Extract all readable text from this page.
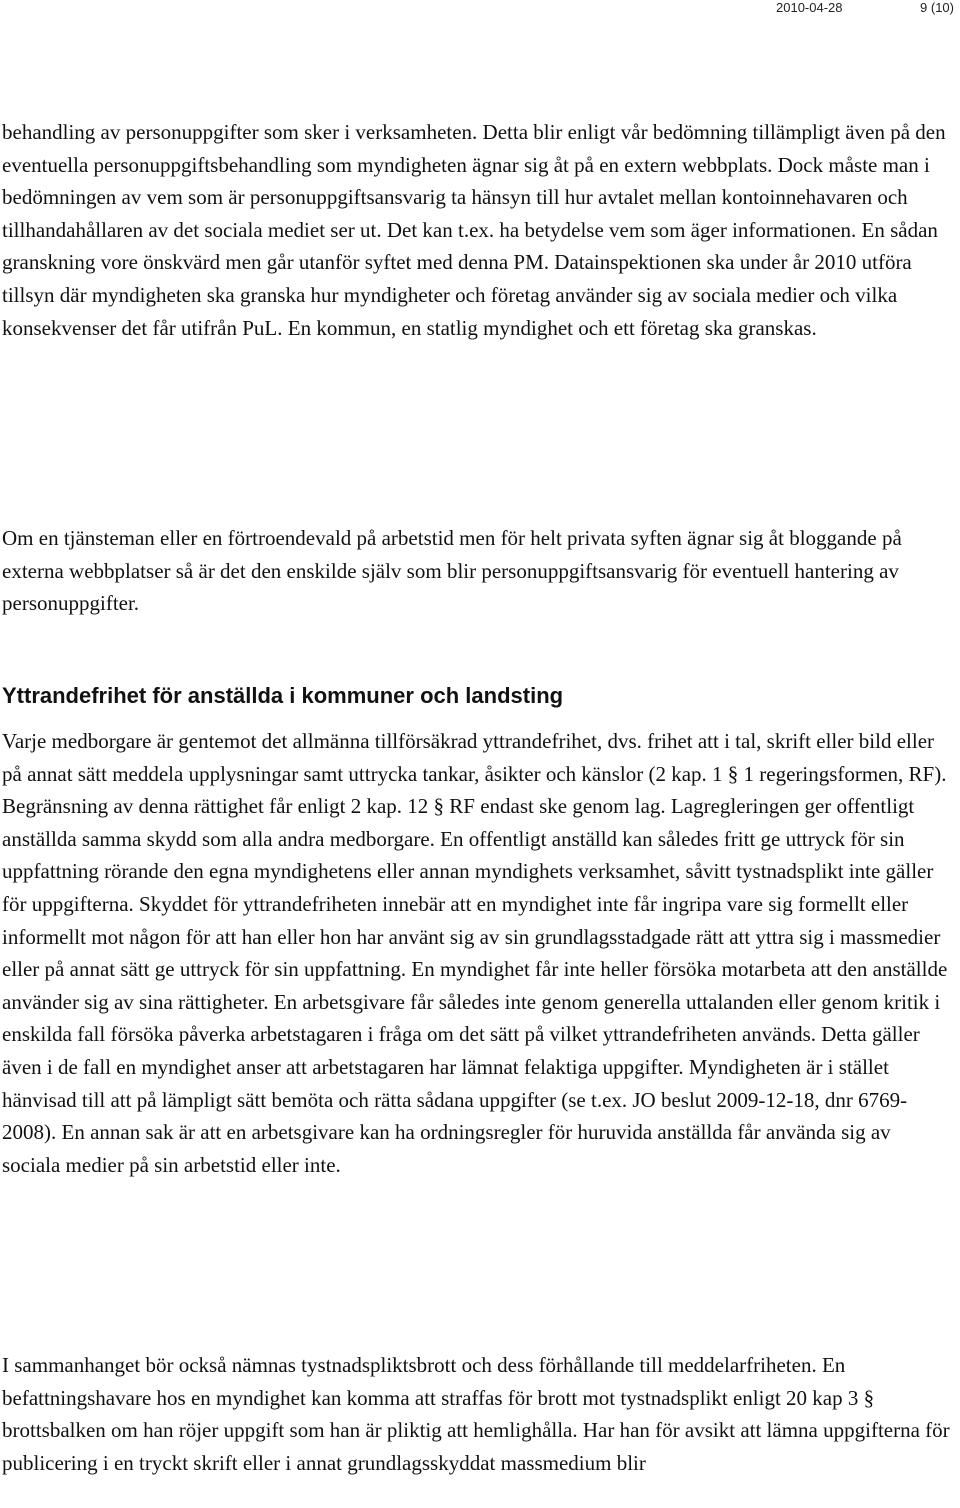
2010-04-28	9 (10)

behandling av personuppgifter som sker i verksamheten. Detta blir enligt vår bedömning tillämpligt även på den eventuella personuppgiftsbehandling som myndigheten ägnar sig åt på en extern webbplats. Dock måste man i bedömningen av vem som är personuppgiftsansvarig ta hänsyn till hur avtalet mellan kontoinnehavaren och tillhandahållaren av det sociala mediet ser ut. Det kan t.ex. ha betydelse vem som äger informationen. En sådan granskning vore önskvärd men går utanför syftet med denna PM. Datainspektionen ska under år 2010 utföra tillsyn där myndigheten ska granska hur myndigheter och företag använder sig av sociala medier och vilka konsekvenser det får utifrån PuL. En kommun, en statlig myndighet och ett företag ska granskas.

Om en tjänsteman eller en förtroendevald på arbetstid men för helt privata syften ägnar sig åt bloggande på externa webbplatser så är det den enskilde själv som blir personuppgiftsansvarig för eventuell hantering av personuppgifter.

Yttrandefrihet för anställda i kommuner och landsting

Varje medborgare är gentemot det allmänna tillförsäkrad yttrandefrihet, dvs. frihet att i tal, skrift eller bild eller på annat sätt meddela upplysningar samt uttrycka tankar, åsikter och känslor (2 kap. 1 § 1 regeringsformen, RF). Begränsning av denna rättighet får enligt 2 kap. 12 § RF endast ske genom lag. Lagregleringen ger offentligt anställda samma skydd som alla andra medborgare. En offentligt anställd kan således fritt ge uttryck för sin uppfattning rörande den egna myndighetens eller annan myndighets verksamhet, såvitt tystnadsplikt inte gäller för uppgifterna. Skyddet för yttrandefriheten innebär att en myndighet inte får ingripa vare sig formellt eller informellt mot någon för att han eller hon har använt sig av sin grundlagsstadgade rätt att yttra sig i massmedier eller på annat sätt ge uttryck för sin uppfattning. En myndighet får inte heller försöka motarbeta att den anställde använder sig av sina rättigheter. En arbetsgivare får således inte genom generella uttalanden eller genom kritik i enskilda fall försöka påverka arbetstagaren i fråga om det sätt på vilket yttrandefriheten används. Detta gäller även i de fall en myndighet anser att arbetstagaren har lämnat felaktiga uppgifter. Myndigheten är i stället hänvisad till att på lämpligt sätt bemöta och rätta sådana uppgifter (se t.ex. JO beslut 2009-12-18, dnr 6769-2008). En annan sak är att en arbetsgivare kan ha ordningsregler för huruvida anställda får använda sig av sociala medier på sin arbetstid eller inte.

I sammanhanget bör också nämnas tystnadspliktsbrott och dess förhållande till meddelarfriheten. En befattningshavare hos en myndighet kan komma att straffas för brott mot tystnadsplikt enligt 20 kap 3 § brottsbalken om han röjer uppgift som han är pliktig att hemlighålla. Har han för avsikt att lämna uppgifterna för publicering i en tryckt skrift eller i annat grundlagsskyddat massmedium blir
